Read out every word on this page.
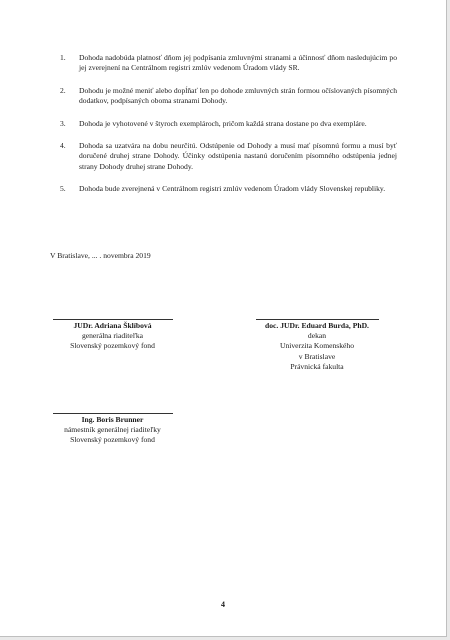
1. Dohoda nadobúda platnosť dňom jej podpísania zmluvnými stranami a účinnosť dňom nasledujúcim po jej zverejnení na Centrálnom registri zmlúv vedenom Úradom vlády SR.
2. Dohodu je možné meniť alebo dopĺňať len po dohode zmluvných strán formou očíslovaných písomných dodatkov, podpísaných oboma stranami Dohody.
3. Dohoda je vyhotovené v štyroch exemplároch, pričom každá strana dostane po dva exempláre.
4. Dohoda sa uzatvára na dobu neurčitú. Odstúpenie od Dohody a musí mať písomnú formu a musí byť doručené druhej strane Dohody. Účinky odstúpenia nastanú doručením písomného odstúpenia jednej strany Dohody druhej strane Dohody.
5. Dohoda bude zverejnená v Centrálnom registri zmlúv vedenom Úradom vlády Slovenskej republiky.
V Bratislave, ... . novembra 2019
JUDr. Adriana Šklíbová
generálna riaditeľka
Slovenský pozemkový fond
doc. JUDr. Eduard Burda, PhD.
dekan
Univerzita Komenského
v Bratislave
Právnická fakulta
Ing. Boris Brunner
námestník generálnej riaditeľky
Slovenský pozemkový fond
4
